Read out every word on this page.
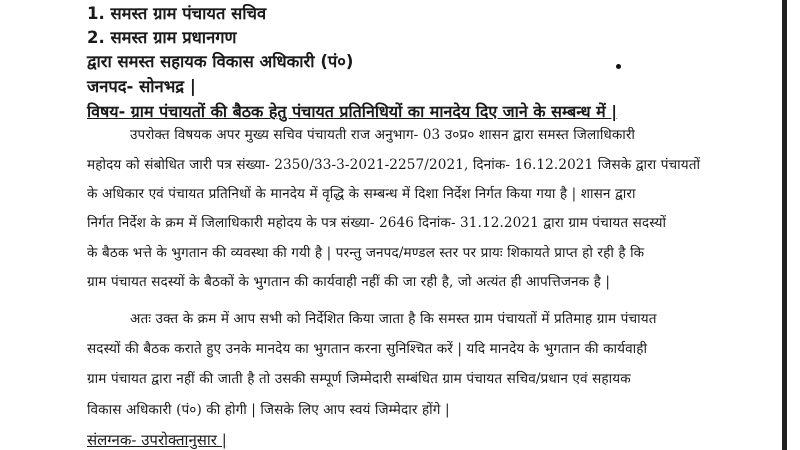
1. समस्त ग्राम पंचायत सचिव
2. समस्त ग्राम प्रधानगण
द्वारा समस्त सहायक विकास अधिकारी (पं०)
जनपद- सोनभद्र |
विषय- ग्राम पंचायतों की बैठक हेतु पंचायत प्रतिनिधियों का मानदेय दिए जाने के सम्बन्ध में |
उपरोक्त विषयक अपर मुख्य सचिव पंचायती राज अनुभाग- 03 उ०प्र० शासन द्वारा समस्त जिलाधिकारी
महोदय को संबोधित जारी पत्र संख्या- 2350/33-3-2021-2257/2021, दिनांक- 16.12.2021 जिसके द्वारा पंचायतों
के अधिकार एवं पंचायत प्रतिनिधों के मानदेय में वृद्धि के सम्बन्ध में दिशा निर्देश निर्गत किया गया है | शासन द्वारा
निर्गत निर्देश के क्रम में जिलाधिकारी महोदय के पत्र संख्या- 2646 दिनांक- 31.12.2021 द्वारा ग्राम पंचायत सदस्यों
के बैठक भत्ते के भुगतान की व्यवस्था की गयी है | परन्तु जनपद/मण्डल स्तर पर प्रायः शिकायते प्राप्त हो रही है कि
ग्राम पंचायत सदस्यों के बैठकों के भुगतान की कार्यवाही नहीं की जा रही है, जो अत्यंत ही आपत्तिजनक है |
अतः उक्त के क्रम में आप सभी को निर्देशित किया जाता है कि समस्त ग्राम पंचायतों में प्रतिमाह ग्राम पंचायत
सदस्यों की बैठक कराते हुए उनके मानदेय का भुगतान करना सुनिश्चित करें | यदि मानदेय के भुगतान की कार्यवाही
ग्राम पंचायत द्वारा नहीं की जाती है तो उसकी सम्पूर्ण जिम्मेदारी सम्बंधित ग्राम पंचायत सचिव/प्रधान एवं सहायक
विकास अधिकारी (पं०) की होगी | जिसके लिए आप स्वयं जिम्मेदार होंगे |
संलग्नक- उपरोक्तानुसार |
